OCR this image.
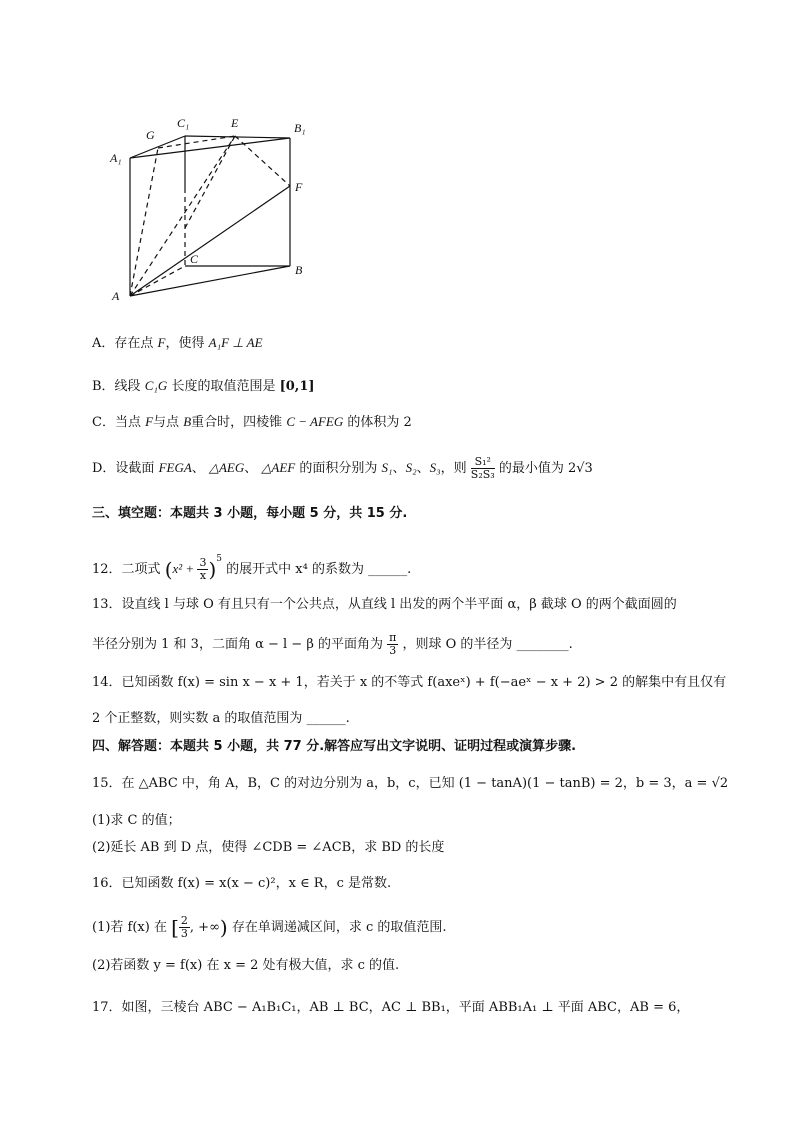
G
C₁	E	B₁
A₁
F
C
B
A
A．存在点 F，使得 A₁F ⊥ AE
B．线段 C₁G 长度的取值范围是 [0,1]
C．当点 F与点 B重合时，四棱锥 C − AFEG 的体积为 2
D．设截面 FEGA、 △AEG、 △AEF 的面积分别为 S₁、S₂、S₃，则 $\frac{\text{S₁²}}{\text{S₂S₃}}$ 的最小值为 2√3
三、填空题：本题共 3 小题，每小题 5 分，共 15 分.
12．二项式 $(x^2 + \frac{3}{x} )^5$ 的展开式中 x⁴ 的系数为 ______.
13．设直线 l 与球 O 有且只有一个公共点，从直线 l 出发的两个半平面 α，β 截球 O 的两个截面圆的
半径分别为 1 和 3，二面角 α − l − β 的平面角为 $\frac{\pi}{3}$ ，则球 O 的半径为 ________.
14．已知函数 f(x) = sin x − x + 1，若关于 x 的不等式 f(axeˣ) + f(−aeˣ − x + 2) > 2 的解集中有且仅有
2 个正整数，则实数 a 的取值范围为 ______.
四、解答题：本题共 5 小题，共 77 分.解答应写出文字说明、证明过程或演算步骤.
15．在 △ABC 中，角 A，B，C 的对边分别为 a，b，c，已知 (1 − tanA)(1 − tanB) = 2，b = 3，a = √2
(1)求 C 的值；
(2)延长 AB 到 D 点，使得 ∠CDB = ∠ACB，求 BD 的长度
16．已知函数 f(x) = x(x − c)²，x ∈ R，c 是常数.
(1)若 f(x) 在 [ $\frac{2}{3}$ , +∞) 存在单调递减区间，求 c 的取值范围.
(2)若函数 y = f(x) 在 x = 2 处有极大值，求 c 的值.
17．如图，三棱台 ABC − A₁B₁C₁，AB ⊥ BC，AC ⊥ BB₁，平面 ABB₁A₁ ⊥ 平面 ABC，AB = 6，
